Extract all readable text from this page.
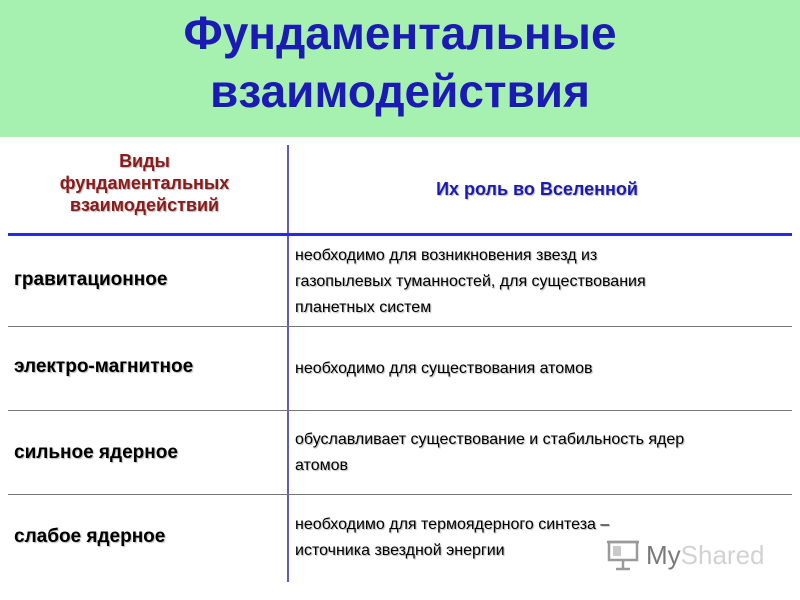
Фундаментальные
взаимодействия
Виды
фундаментальных
взаимодействий
Их роль во Вселенной
гравитационное
необходимо для возникновения звезд из
газопылевых туманностей, для существования
планетных систем
электро-магнитное	необходимо для существования атомов
сильное ядерное
обуславливает существование и стабильность ядер
атомов
слабое ядерное
необходимо для термоядерного синтеза –
источника звездной энергии	MyShared
